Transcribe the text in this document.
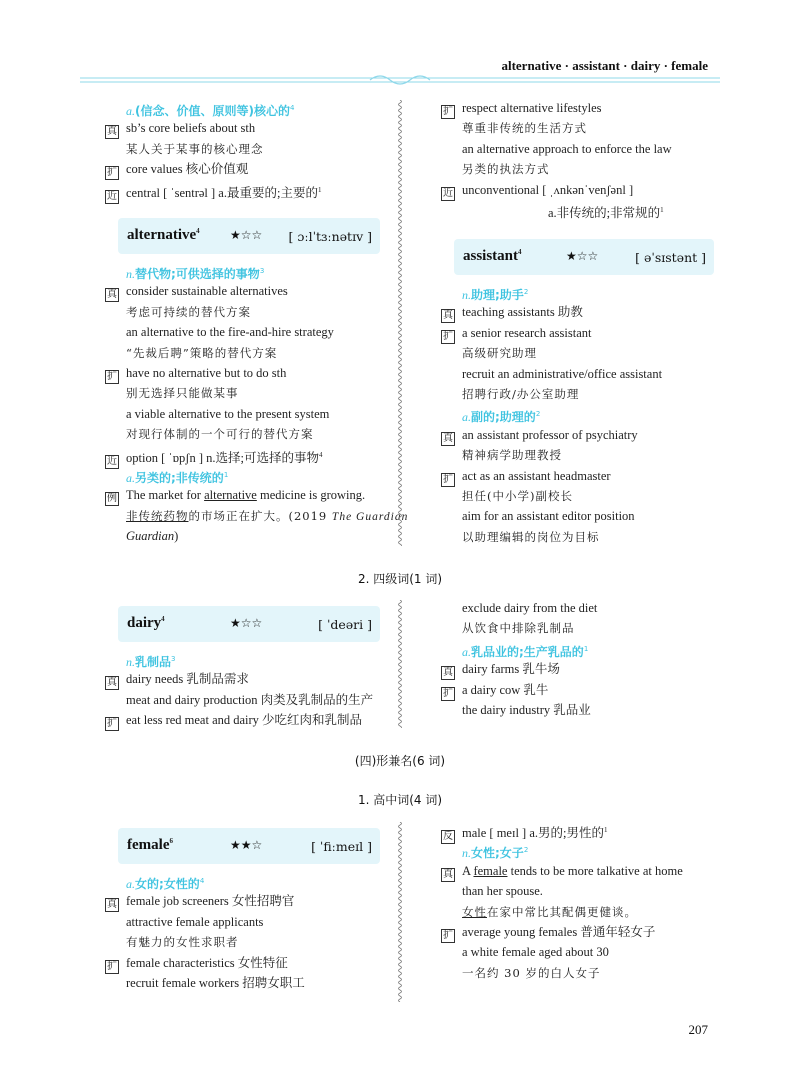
alternative · assistant · dairy · female
a.(信念、价值、原则等)核心的$^4$
真 sb’s core beliefs about sth
某人关于某事的核心理念
扩 core values 核心价值观
近 central [ ˈsentrəl ] a.最重要的;主要的$^1$
alternative$^4$	★☆☆ [ ɔːlˈtɜːnətɪv ]
n.替代物;可供选择的事物$^3$
真 consider sustainable alternatives
考虑可持续的替代方案
an alternative to the fire-and-hire strategy
“先裁后聘”策略的替代方案
扩 have no alternative but to do sth
别无选择只能做某事
a viable alternative to the present system
对现行体制的一个可行的替代方案
近 option [ ˈɒpʃn ] n.选择;可选择的事物$^4$
a.另类的;非传统的$^1$
例 The market for alternative medicine is growing.
非传统药物的市场正在扩大。(2019 The Guardian
Guardian)
扩 respect alternative lifestyles
尊重非传统的生活方式
an alternative approach to enforce the law
另类的执法方式
近 unconventional [ ˌʌnkənˈvenʃənl ]
a.非传统的;非常规的$^1$
assistant$^4$	★☆☆	[ əˈsɪstənt ]
n.助理;助手$^2$
真 teaching assistants 助教
扩 a senior research assistant
高级研究助理
recruit an administrative/office assistant
招聘行政/办公室助理
a.副的;助理的$^2$
真 an assistant professor of psychiatry
精神病学助理教授
扩 act as an assistant headmaster
担任(中小学)副校长
aim for an assistant editor position
以助理编辑的岗位为目标
2. 四级词(1 词)
dairy$^4$	★☆☆	[ ˈdeəri ]
n.乳制品$^3$
真 dairy needs 乳制品需求
meat and dairy production 肉类及乳制品的生产
扩 eat less red meat and dairy 少吃红肉和乳制品
exclude dairy from the diet
从饮食中排除乳制品
a.乳品业的;生产乳品的$^1$
真 dairy farms 乳牛场
扩 a dairy cow 乳牛
the dairy industry 乳品业
(四)形兼名(6 词)
1. 高中词(4 词)
female$^6$	★★☆	[ ˈfiːmeɪl ]
a.女的;女性的$^4$
真 female job screeners 女性招聘官
attractive female applicants
有魅力的女性求职者
扩 female characteristics 女性特征
recruit female workers 招聘女职工
反 male [ meɪl ] a.男的;男性的$^1$
n.女性;女子$^2$
真 A female tends to be more talkative at home
than her spouse.
女性在家中常比其配偶更健谈。
扩 average young females 普通年轻女子
a white female aged about 30
一名约 30 岁的白人女子
207
